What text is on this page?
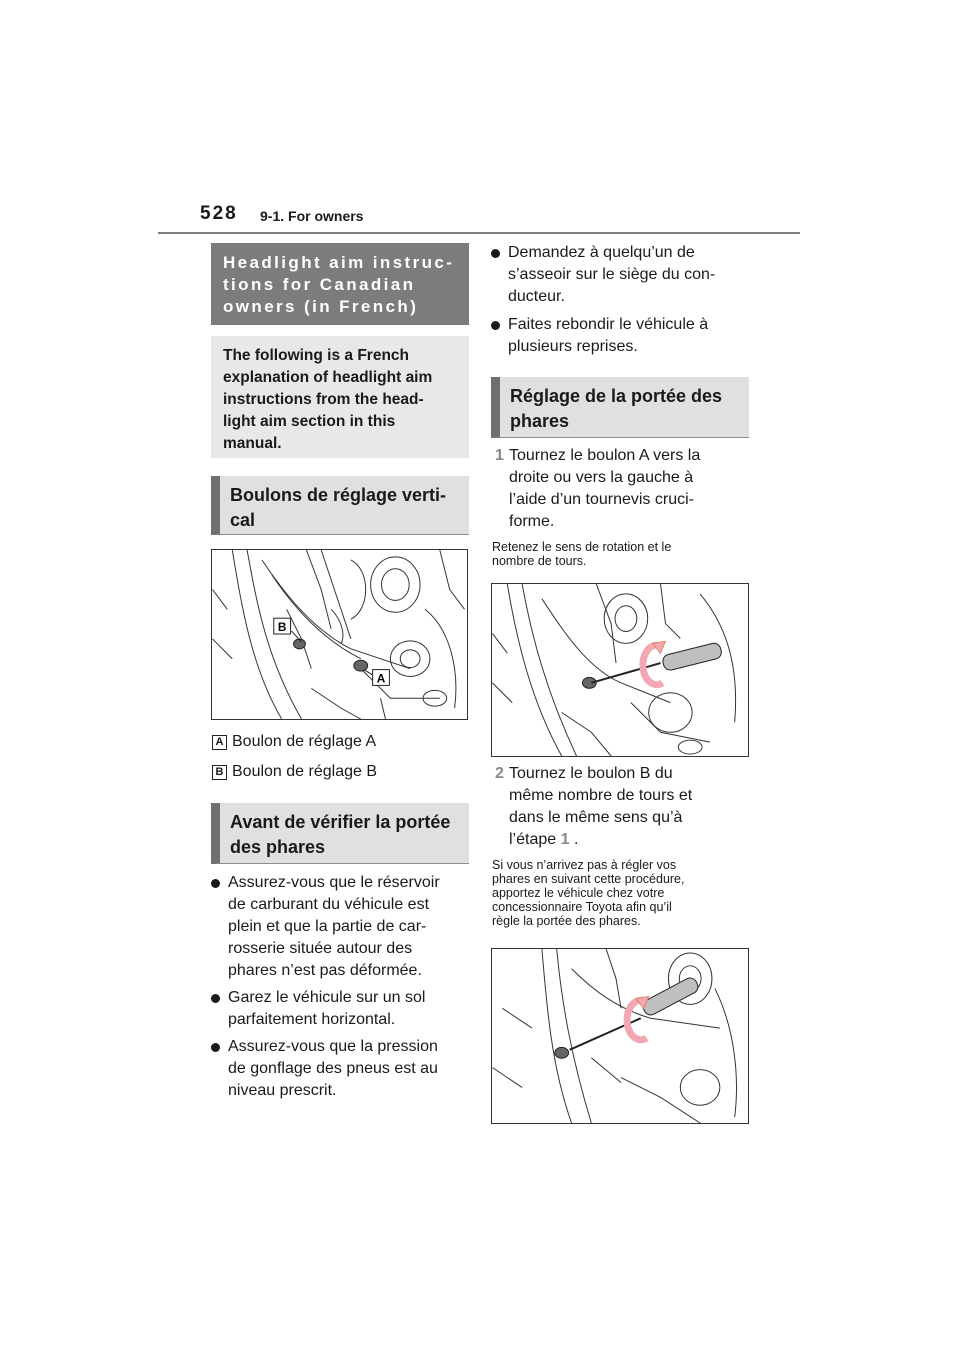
528 9-1. For owners
Headlight aim instruc-
tions for Canadian
owners (in French)
The following is a French
explanation of headlight aim
instructions from the head-
light aim section in this
manual.
Boulons de réglage verti-
cal
B
A
A Boulon de réglage A
B Boulon de réglage B
Avant de vérifier la portée
des phares
Assurez-vous que le réservoir
de carburant du véhicule est
plein et que la partie de car-
rosserie située autour des
phares n’est pas déformée.
Garez le véhicule sur un sol
parfaitement horizontal.
Assurez-vous que la pression
de gonflage des pneus est au
niveau prescrit.
Demandez à quelqu’un de
s’asseoir sur le siège du con-
ducteur.
Faites rebondir le véhicule à
plusieurs reprises.
Réglage de la portée des
phares
1 Tournez le boulon A vers la
droite ou vers la gauche à
l’aide d’un tournevis cruci-
forme.
Retenez le sens de rotation et le
nombre de tours.
2 Tournez le boulon B du
même nombre de tours et
dans le même sens qu’à
l’étape 1 .
Si vous n’arrivez pas à régler vos
phares en suivant cette procédure,
apportez le véhicule chez votre
concessionnaire Toyota afin qu’il
règle la portée des phares.
